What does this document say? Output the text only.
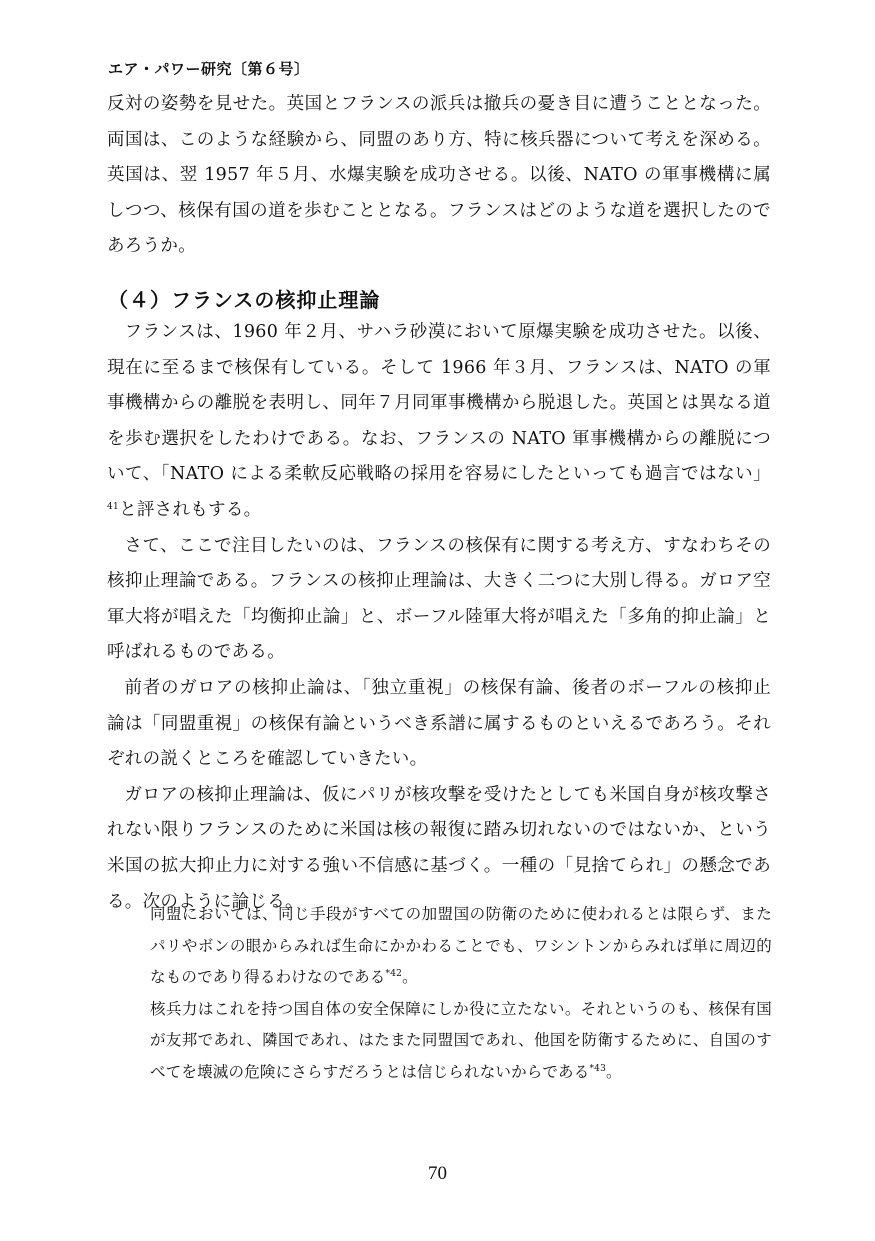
エア・パワー研究〔第６号〕

反対の姿勢を見せた。英国とフランスの派兵は撤兵の憂き目に遭うこととなった。両国は、このような経験から、同盟のあり方、特に核兵器について考えを深める。英国は、翌 1957 年５月、水爆実験を成功させる。以後、NATO の軍事機構に属しつつ、核保有国の道を歩むこととなる。フランスはどのような道を選択したのであろうか。

（４）フランスの核抑止理論

フランスは、1960 年２月、サハラ砂漠において原爆実験を成功させた。以後、現在に至るまで核保有している。そして 1966 年３月、フランスは、NATO の軍事機構からの離脱を表明し、同年７月同軍事機構から脱退した。英国とは異なる道を歩む選択をしたわけである。なお、フランスの NATO 軍事機構からの離脱について、「NATO による柔軟反応戦略の採用を容易にしたといっても過言ではない」$^{41}$と評されもする。

さて、ここで注目したいのは、フランスの核保有に関する考え方、すなわちその核抑止理論である。フランスの核抑止理論は、大きく二つに大別し得る。ガロア空軍大将が唱えた「均衡抑止論」と、ボーフル陸軍大将が唱えた「多角的抑止論」と呼ばれるものである。

前者のガロアの核抑止論は、「独立重視」の核保有論、後者のボーフルの核抑止論は「同盟重視」の核保有論というべき系譜に属するものといえるであろう。それぞれの説くところを確認していきたい。

ガロアの核抑止理論は、仮にパリが核攻撃を受けたとしても米国自身が核攻撃されない限りフランスのために米国は核の報復に踏み切れないのではないか、という米国の拡大抑止力に対する強い不信感に基づく。一種の「見捨てられ」の懸念である。次のように論じる。

同盟においては、同じ手段がすべての加盟国の防衛のために使われるとは限らず、またパリやボンの眼からみれば生命にかかわることでも、ワシントンからみれば単に周辺的なものであり得るわけなのである$^{*42}$。

核兵力はこれを持つ国自体の安全保障にしか役に立たない。それというのも、核保有国が友邦であれ、隣国であれ、はたまた同盟国であれ、他国を防衛するために、自国のすべてを壊滅の危険にさらすだろうとは信じられないからである$^{*43}$。

70
